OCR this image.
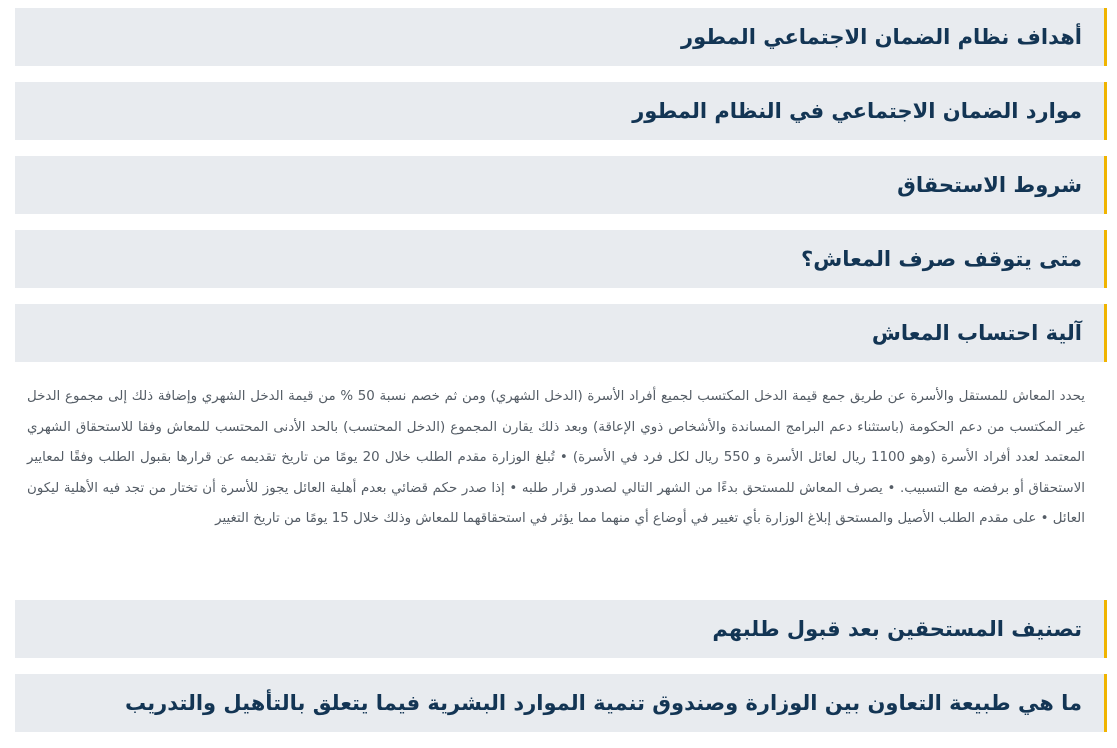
أهداف نظام الضمان الاجتماعي المطور
موارد الضمان الاجتماعي في النظام المطور
شروط الاستحقاق
متى يتوقف صرف المعاش؟
آلية احتساب المعاش
يحدد المعاش للمستقل والأسرة عن طريق جمع قيمة الدخل المكتسب لجميع أفراد الأسرة (الدخل الشهري) ومن ثم خصم نسبة 50 % من قيمة الدخل الشهري وإضافة ذلك إلى مجموع الدخل غير المكتسب من دعم الحكومة (باستثناء دعم البرامج المساندة والأشخاص ذوي الإعاقة) وبعد ذلك يقارن المجموع (الدخل المحتسب) بالحد الأدنى المحتسب للمعاش وفقا للاستحقاق الشهري المعتمد لعدد أفراد الأسرة (وهو 1100 ريال لعائل الأسرة و 550 ريال لكل فرد في الأسرة) • تُبلغ الوزارة مقدم الطلب خلال 20 يومًا من تاريخ تقديمه عن قرارها بقبول الطلب وفقًا لمعايير الاستحقاق أو برفضه مع التسبيب. • يصرف المعاش للمستحق بدءًا من الشهر التالي لصدور قرار طلبه • إذا صدر حكم قضائي بعدم أهلية العائل يجوز للأسرة أن تختار من تجد فيه الأهلية ليكون العائل • على مقدم الطلب الأصيل والمستحق إبلاغ الوزارة بأي تغيير في أوضاع أي منهما مما يؤثر في استحقاقهما للمعاش وذلك خلال 15 يومًا من تاريخ التغيير
تصنيف المستحقين بعد قبول طلبهم
ما هي طبيعة التعاون بين الوزارة وصندوق تنمية الموارد البشرية فيما يتعلق بالتأهيل والتدريب
